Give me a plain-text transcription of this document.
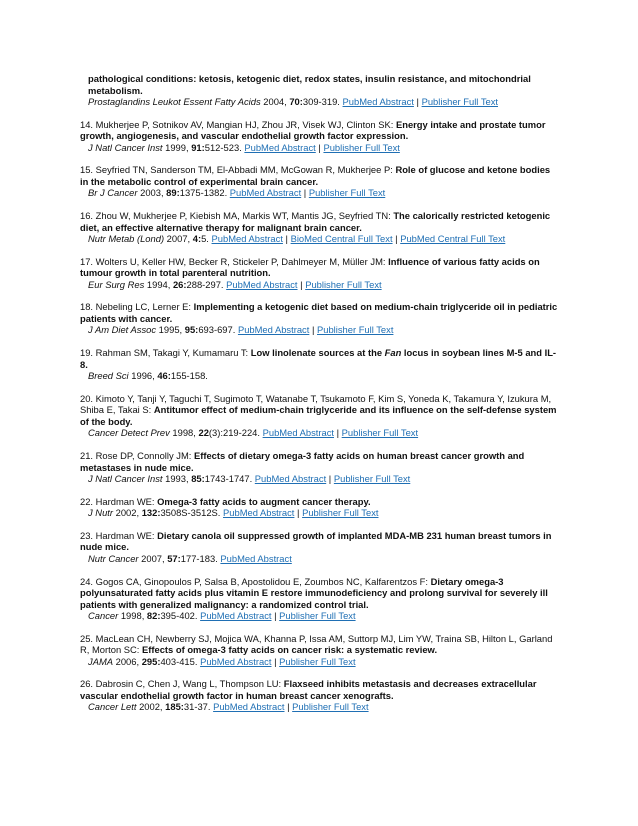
pathological conditions: ketosis, ketogenic diet, redox states, insulin resistance, and mitochondrial metabolism.
Prostaglandins Leukot Essent Fatty Acids 2004, 70:309-319. PubMed Abstract | Publisher Full Text
14. Mukherjee P, Sotnikov AV, Mangian HJ, Zhou JR, Visek WJ, Clinton SK: Energy intake and prostate tumor growth, angiogenesis, and vascular endothelial growth factor expression.
J Natl Cancer Inst 1999, 91:512-523. PubMed Abstract | Publisher Full Text
15. Seyfried TN, Sanderson TM, El-Abbadi MM, McGowan R, Mukherjee P: Role of glucose and ketone bodies in the metabolic control of experimental brain cancer.
Br J Cancer 2003, 89:1375-1382. PubMed Abstract | Publisher Full Text
16. Zhou W, Mukherjee P, Kiebish MA, Markis WT, Mantis JG, Seyfried TN: The calorically restricted ketogenic diet, an effective alternative therapy for malignant brain cancer.
Nutr Metab (Lond) 2007, 4:5. PubMed Abstract | BioMed Central Full Text | PubMed Central Full Text
17. Wolters U, Keller HW, Becker R, Stickeler P, Dahlmeyer M, Müller JM: Influence of various fatty acids on tumour growth in total parenteral nutrition.
Eur Surg Res 1994, 26:288-297. PubMed Abstract | Publisher Full Text
18. Nebeling LC, Lerner E: Implementing a ketogenic diet based on medium-chain triglyceride oil in pediatric patients with cancer.
J Am Diet Assoc 1995, 95:693-697. PubMed Abstract | Publisher Full Text
19. Rahman SM, Takagi Y, Kumamaru T: Low linolenate sources at the Fan locus in soybean lines M-5 and IL-8.
Breed Sci 1996, 46:155-158.
20. Kimoto Y, Tanji Y, Taguchi T, Sugimoto T, Watanabe T, Tsukamoto F, Kim S, Yoneda K, Takamura Y, Izukura M, Shiba E, Takai S: Antitumor effect of medium-chain triglyceride and its influence on the self-defense system of the body.
Cancer Detect Prev 1998, 22(3):219-224. PubMed Abstract | Publisher Full Text
21. Rose DP, Connolly JM: Effects of dietary omega-3 fatty acids on human breast cancer growth and metastases in nude mice.
J Natl Cancer Inst 1993, 85:1743-1747. PubMed Abstract | Publisher Full Text
22. Hardman WE: Omega-3 fatty acids to augment cancer therapy.
J Nutr 2002, 132:3508S-3512S. PubMed Abstract | Publisher Full Text
23. Hardman WE: Dietary canola oil suppressed growth of implanted MDA-MB 231 human breast tumors in nude mice.
Nutr Cancer 2007, 57:177-183. PubMed Abstract
24. Gogos CA, Ginopoulos P, Salsa B, Apostolidou E, Zoumbos NC, Kalfarentzos F: Dietary omega-3 polyunsaturated fatty acids plus vitamin E restore immunodeficiency and prolong survival for severely ill patients with generalized malignancy: a randomized control trial.
Cancer 1998, 82:395-402. PubMed Abstract | Publisher Full Text
25. MacLean CH, Newberry SJ, Mojica WA, Khanna P, Issa AM, Suttorp MJ, Lim YW, Traina SB, Hilton L, Garland R, Morton SC: Effects of omega-3 fatty acids on cancer risk: a systematic review.
JAMA 2006, 295:403-415. PubMed Abstract | Publisher Full Text
26. Dabrosin C, Chen J, Wang L, Thompson LU: Flaxseed inhibits metastasis and decreases extracellular vascular endothelial growth factor in human breast cancer xenografts.
Cancer Lett 2002, 185:31-37. PubMed Abstract | Publisher Full Text
